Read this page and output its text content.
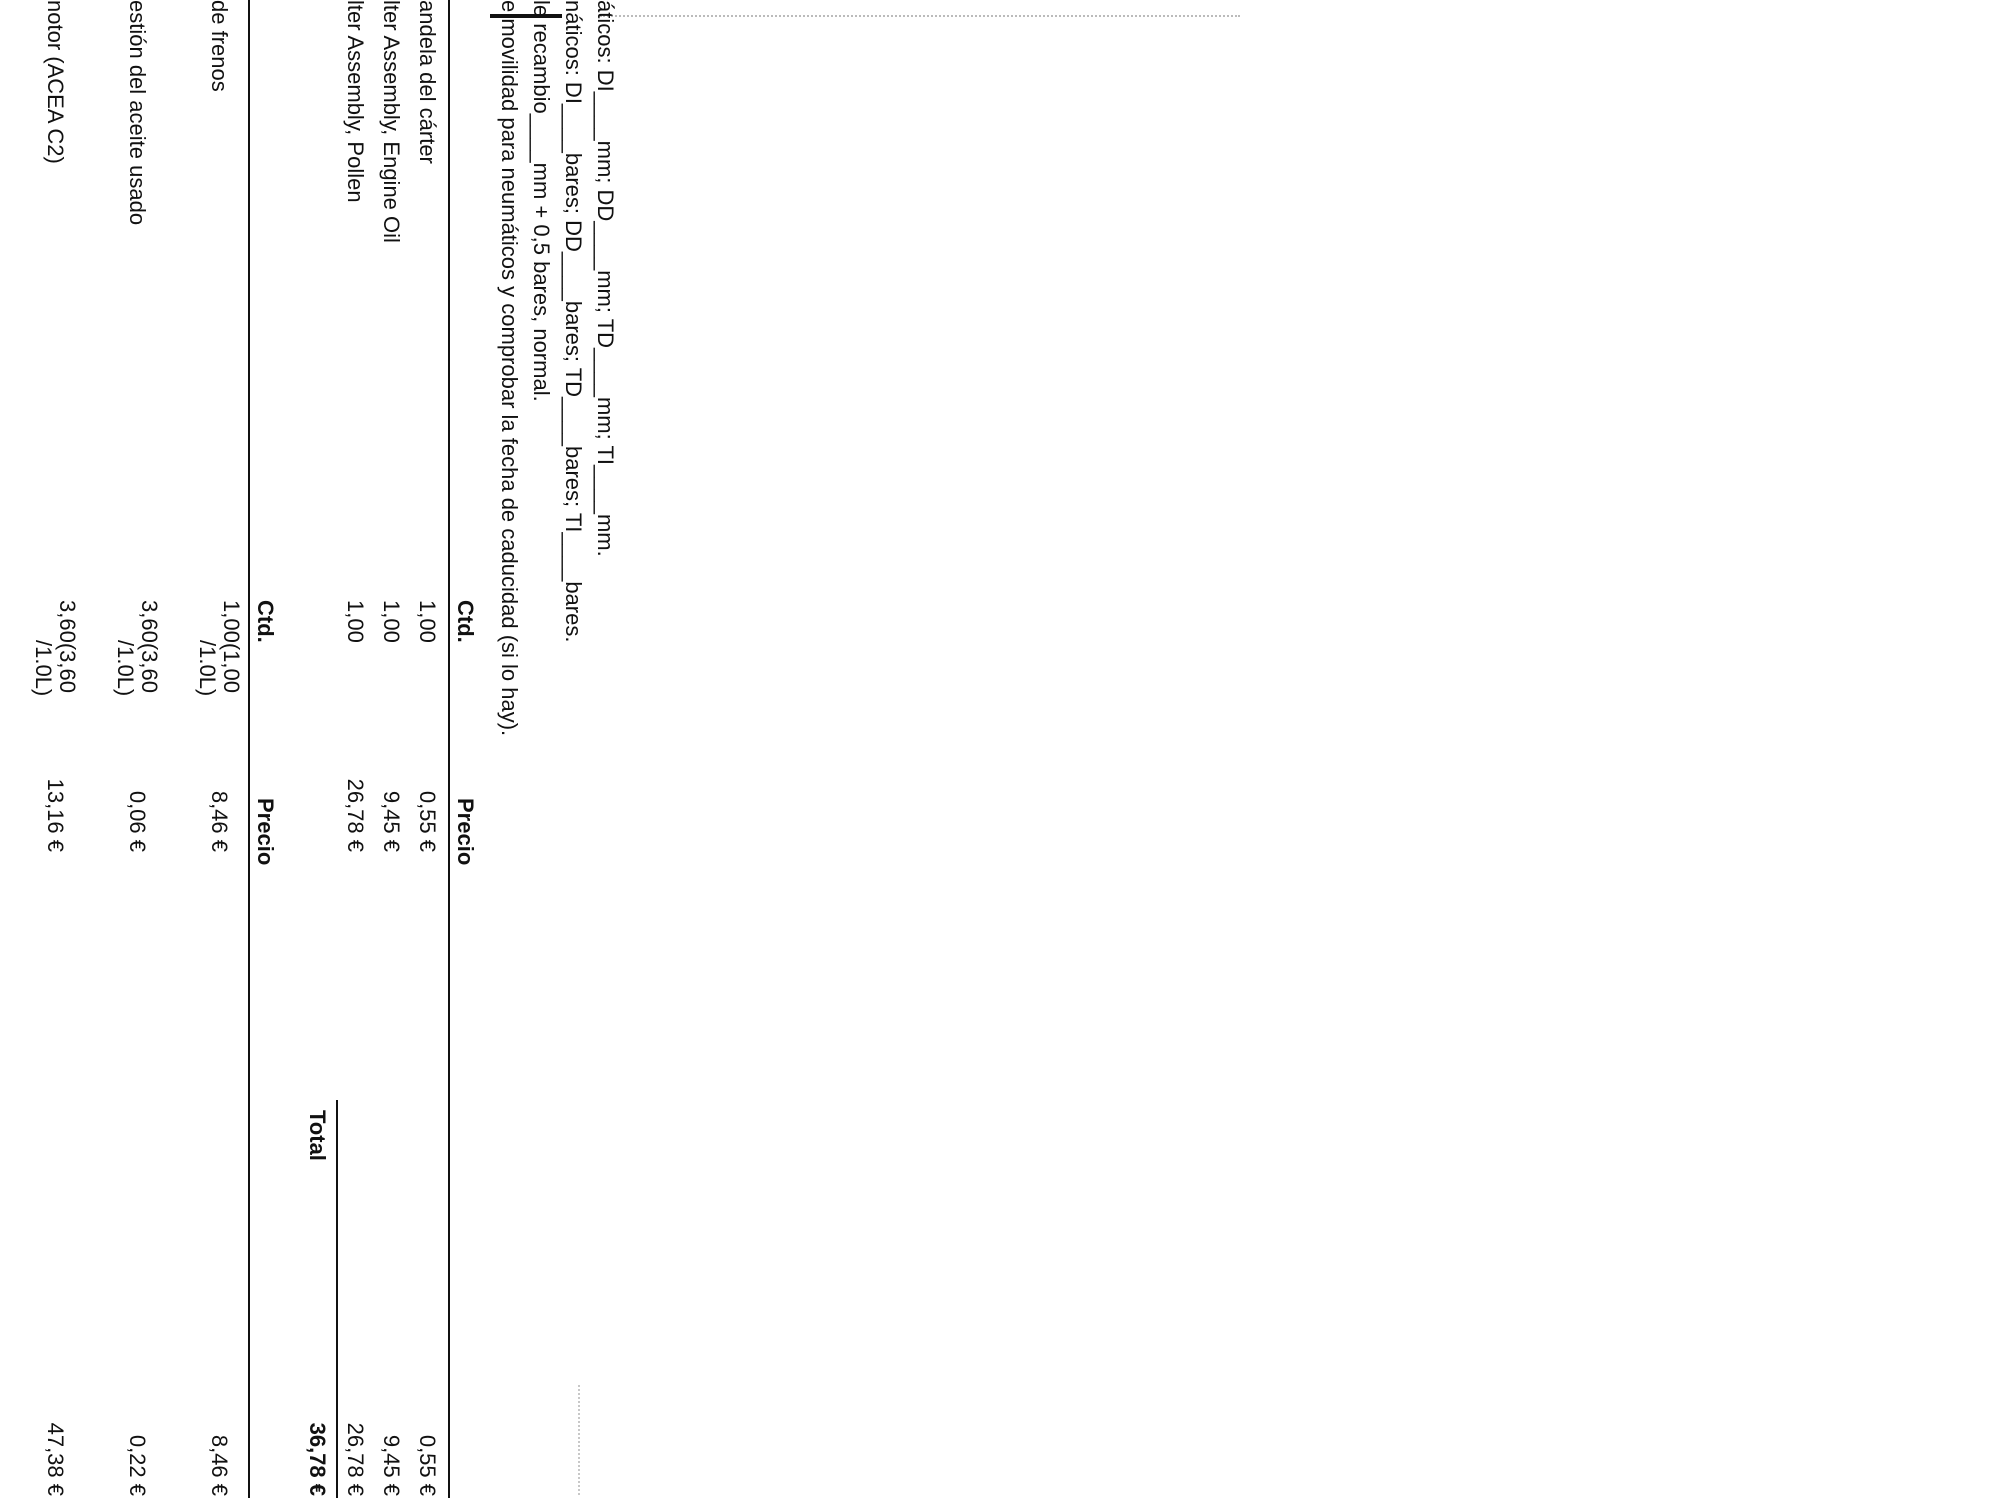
áticos: DI____mm; DD____mm; TD____mm; TI____mm.
náticos: DI____bares; DD____bares; TD____bares; TI____bares.
le recambio____mm + 0,5 bares, normal.
e movilidad para neumáticos y comprobar la fecha de caducidad (si lo hay).
Ctd.
Precio
andela del cárter
1,00
0,55 €
0,55 €
lter Assembly, Engine Oil
1,00
9,45 €
9,45 €
lter Assembly, Pollen
1,00
26,78 €
26,78 €
Total
36,78 €
Ctd.
Precio
de frenos
1,00(1,00
/1.0L)
8,46 €
8,46 €
estión del aceite usado
3,60(3,60
/1.0L)
0,06 €
0,22 €
notor (ACEA C2)
3,60(3,60
/1.0L)
13,16 €
47,38 €
